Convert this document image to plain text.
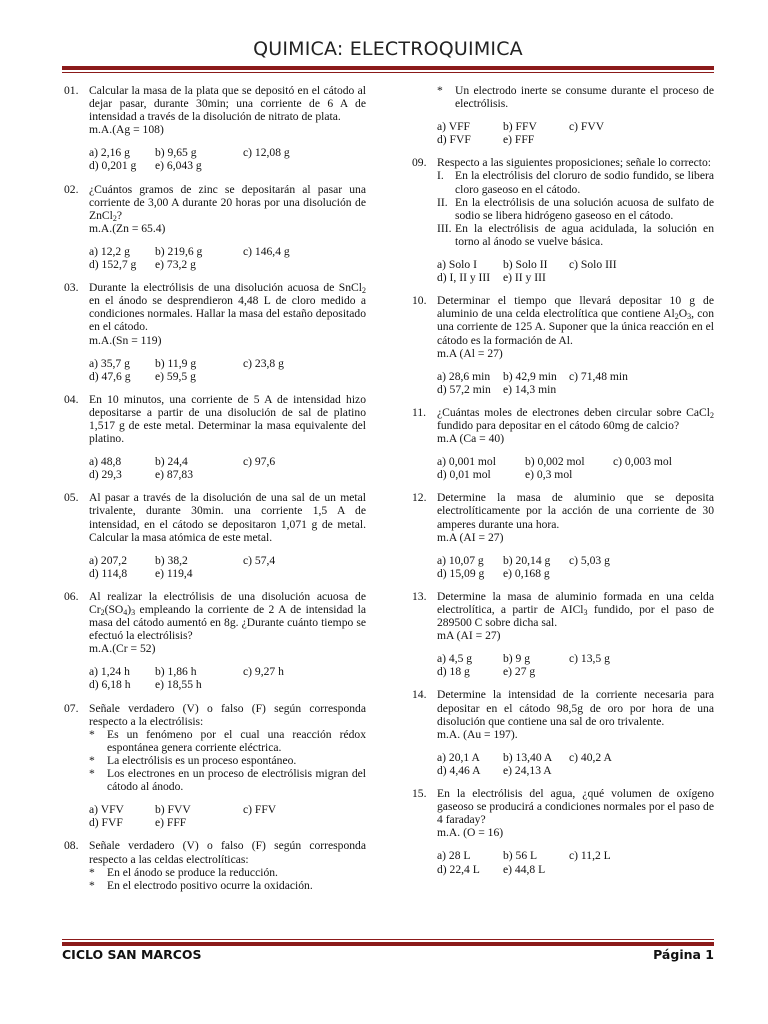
QUIMICA: ELECTROQUIMICA
01. Calcular la masa de la plata que se depositó en el cátodo al dejar pasar, durante 30min; una corriente de 6 A de intensidad a través de la disolución de nitrato de plata.
m.A.(Ag = 108)
a) 2,16 g	b) 9,65 g	c) 12,08 g
d) 0,201 g	e) 6,043 g
02. ¿Cuántos gramos de zinc se depositarán al pasar una corriente de 3,00 A durante 20 horas por una disolución de ZnCl$_2$?
m.A.(Zn = 65.4)
a) 12,2 g	b) 219,6 g	c) 146,4 g
d) 152,7 g	e) 73,2 g
03. Durante la electrólisis de una disolución acuosa de SnCl$_2$ en el ánodo se desprendieron 4,48 L de cloro medido a condiciones normales. Hallar la masa del estaño depositado en el cátodo.
m.A.(Sn = 119)
a) 35,7 g	b) 11,9 g	c) 23,8 g
d) 47,6 g	e) 59,5 g
04. En 10 minutos, una corriente de 5 A de intensidad hizo depositarse a partir de una disolución de sal de platino 1,517 g de este metal. Determinar la masa equivalente del platino.
a) 48,8	b) 24,4	c) 97,6
d) 29,3	e) 87,83
05. Al pasar a través de la disolución de una sal de un metal trivalente, durante 30min. una corriente 1,5 A de intensidad, en el cátodo se depositaron 1,071 g de metal. Calcular la masa atómica de este metal.
a) 207,2	b) 38,2	c) 57,4
d) 114,8	e) 119,4
06. Al realizar la electrólisis de una disolución acuosa de $Cr_2(SO_4)_3$ empleando la corriente de 2 A de intensidad la masa del cátodo aumentó en 8g. ¿Durante cuánto tiempo se efectuó la electrólisis?
m.A.(Cr = 52)
a) 1,24 h	b) 1,86 h	c) 9,27 h
d) 6,18 h	e) 18,55 h
07. Señale verdadero (V) o falso (F) según corresponda respecto a la electrólisis:
*	Es un fenómeno por el cual una reacción rédox espontánea genera corriente eléctrica.
*	La electrólisis es un proceso espontáneo.
*	Los electrones en un proceso de electrólisis migran del cátodo al ánodo.
a) VFV	b) FVV	c) FFV
d) FVF	e) FFF
08. Señale verdadero (V) o falso (F) según corresponda respecto a las celdas electrolíticas:
*	En el ánodo se produce la reducción.
*	En el electrodo positivo ocurre la oxidación.
*	Un electrodo inerte se consume durante el proceso de electrólisis.
a) VFF	b) FFV	c) FVV
d) FVF	e) FFF
09. Respecto a las siguientes proposiciones; señale lo correcto:
I. En la electrólisis del cloruro de sodio fundido, se libera cloro gaseoso en el cátodo.
II. En la electrólisis de una solución acuosa de sulfato de sodio se libera hidrógeno gaseoso en el cátodo.
III. En la electrólisis de agua acidulada, la solución en torno al ánodo se vuelve básica.
a) Solo I	b) Solo II	c) Solo III
d) I, II y III	e) II y III
10. Determinar el tiempo que llevará depositar 10 g de aluminio de una celda electrolítica que contiene $Al_2O_3$, con una corriente de 125 A. Suponer que la única reacción en el cátodo es la formación de Al.
m.A (Al = 27)
a) 28,6 min	b) 42,9 min	c) 71,48 min
d) 57,2 min	e) 14,3 min
11. ¿Cuántas moles de electrones deben circular sobre CaCl$_2$ fundido para depositar en el cátodo 60mg de calcio?
m.A (Ca = 40)
a) 0,001 mol	b) 0,002 mol	c) 0,003 mol
d) 0,01 mol	e) 0,3 mol
12. Determine la masa de aluminio que se deposita electrolíticamente por la acción de una corriente de 30 amperes durante una hora.
m.A (AI = 27)
a) 10,07 g	b) 20,14 g	c) 5,03 g
d) 15,09 g	e) 0,168 g
13. Determine la masa de aluminio formada en una celda electrolítica, a partir de AICl$_3$ fundido, por el paso de 289500 C sobre dicha sal.
mA (AI = 27)
a) 4,5 g	b) 9 g	c) 13,5 g
d) 18 g	e) 27 g
14. Determine la intensidad de la corriente necesaria para depositar en el cátodo 98,5g de oro por hora de una disolución que contiene una sal de oro trivalente.
m.A. (Au = 197).
a) 20,1 A	b) 13,40 A	c) 40,2 A
d) 4,46 A	e) 24,13 A
15. En la electrólisis del agua, ¿qué volumen de oxígeno gaseoso se producirá a condiciones normales por el paso de 4 faraday?
m.A. (O = 16)
a) 28 L	b) 56 L	c) 11,2 L
d) 22,4 L	e) 44,8 L
CICLO SAN MARCOS	Página 1
